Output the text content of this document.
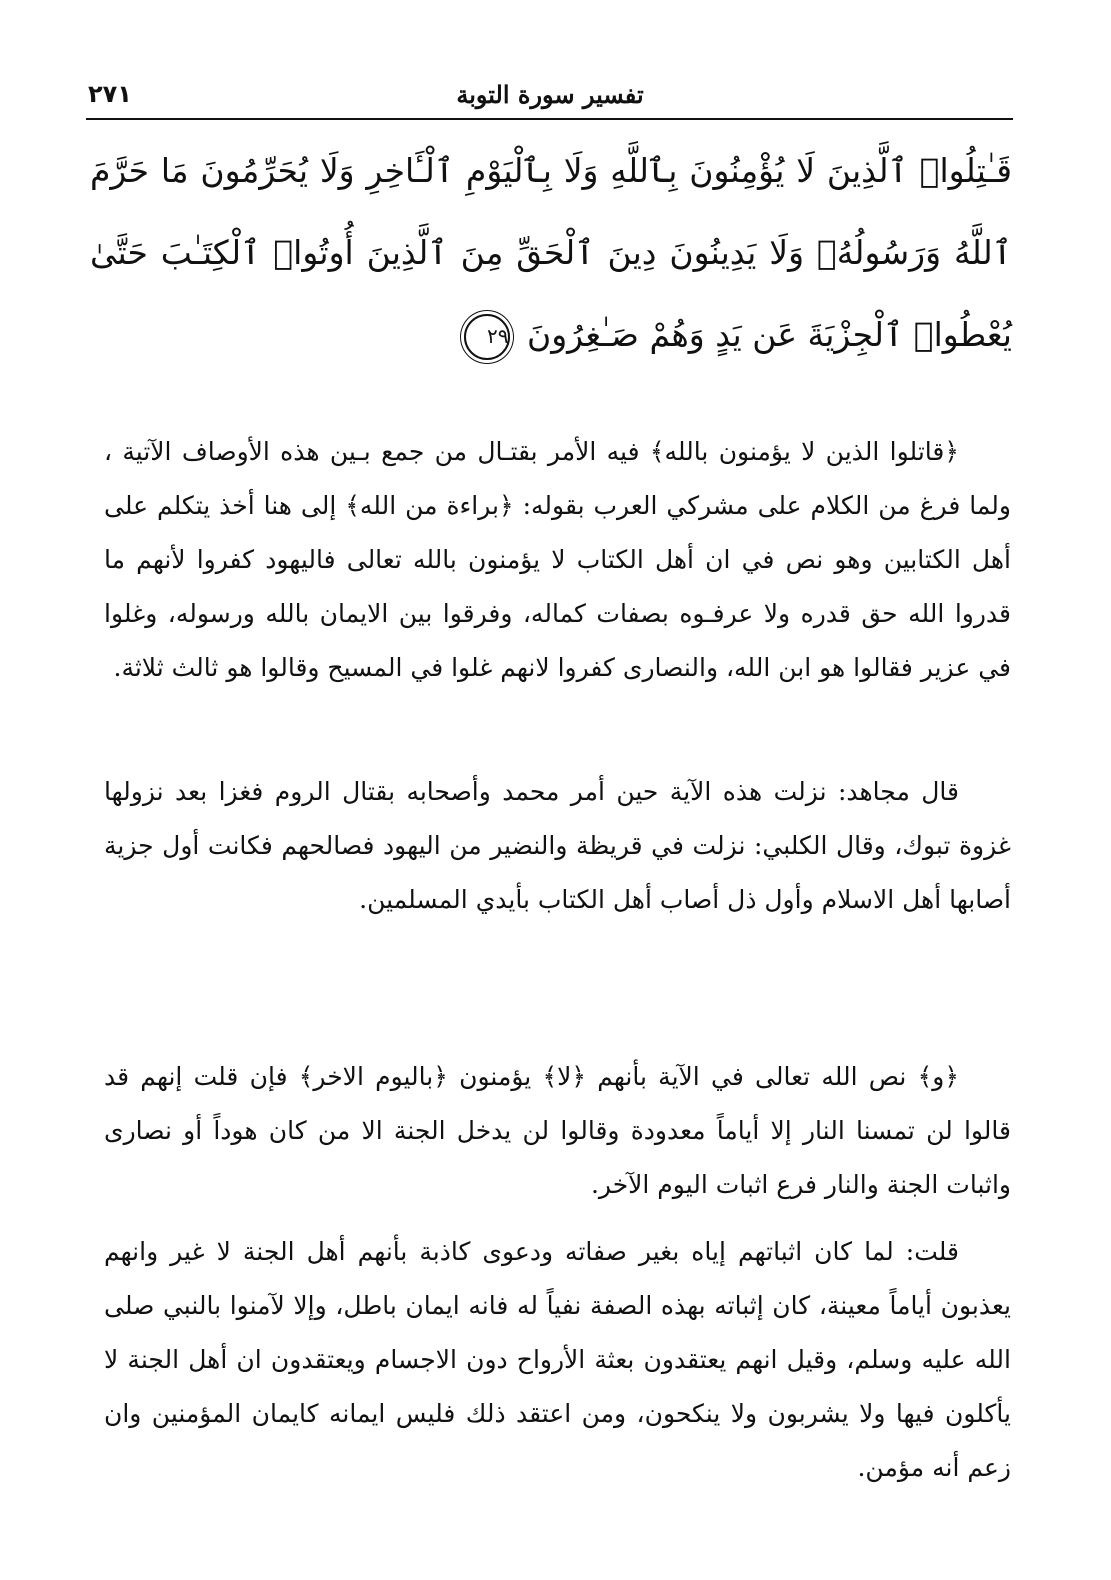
تفسير سورة التوبة
٢٧١
قَـٰتِلُوا۟ ٱلَّذِينَ لَا يُؤْمِنُونَ بِٱللَّهِ وَلَا بِٱلْيَوْمِ ٱلْـَٔاخِرِ وَلَا يُحَرِّمُونَ مَا حَرَّمَ ٱللَّهُ وَرَسُولُهُۥ وَلَا يَدِينُونَ دِينَ ٱلْحَقِّ مِنَ ٱلَّذِينَ أُوتُوا۟ ٱلْكِتَـٰبَ حَتَّىٰ يُعْطُوا۟ ٱلْجِزْيَةَ عَن يَدٍ وَهُمْ صَـٰغِرُونَ ٢٩

﴿قاتلوا الذين لا يؤمنون بالله﴾ فيه الأمر بقتـال من جمع بـين هذه الأوصاف الآتية ، ولما فرغ من الكلام على مشركي العرب بقوله: ﴿براءة من الله﴾ إلى هنا أخذ يتكلم على أهل الكتابين وهو نص في ان أهل الكتاب لا يؤمنون بالله تعالى فاليهود كفروا لأنهم ما قدروا الله حق قدره ولا عرفـوه بصفات كماله، وفرقوا بين الايمان بالله ورسوله، وغلوا في عزير فقالوا هو ابن الله، والنصارى كفروا لانهم غلوا في المسيح وقالوا هو ثالث ثلاثة.

قال مجاهد: نزلت هذه الآية حين أمر محمد وأصحابه بقتال الروم فغزا بعد نزولها غزوة تبوك، وقال الكلبي: نزلت في قريظة والنضير من اليهود فصالحهم فكانت أول جزية أصابها أهل الاسلام وأول ذل أصاب أهل الكتاب بأيدي المسلمين.

﴿و﴾ نص الله تعالى في الآية بأنهم ﴿لا﴾ يؤمنون ﴿باليوم الاخر﴾ فإن قلت إنهم قد قالوا لن تمسنا النار إلا أياماً معدودة وقالوا لن يدخل الجنة الا من كان هوداً أو نصارى واثبات الجنة والنار فرع اثبات اليوم الآخر.

قلت: لما كان اثباتهم إياه بغير صفاته ودعوى كاذبة بأنهم أهل الجنة لا غير وانهم يعذبون أياماً معينة، كان إثباته بهذه الصفة نفياً له فانه ايمان باطل، وإلا لآمنوا بالنبي صلى الله عليه وسلم، وقيل انهم يعتقدون بعثة الأرواح دون الاجسام ويعتقدون ان أهل الجنة لا يأكلون فيها ولا يشربون ولا ينكحون، ومن اعتقد ذلك فليس ايمانه كايمان المؤمنين وان زعم أنه مؤمن.
